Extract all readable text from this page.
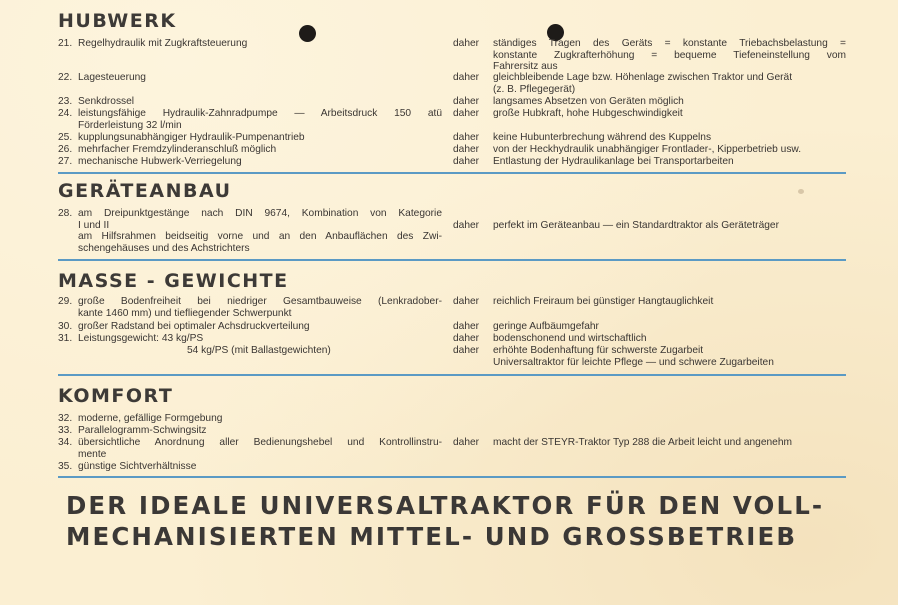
HUBWERK
21. Regelhydraulik mit Zugkraftsteuerung	daher	ständiges Tragen des Geräts = konstante Triebachsbelastung =
konstante Zugkrafterhöhung = bequeme Tiefeneinstellung vom
Fahrersitz aus
22. Lagesteuerung	daher	gleichbleibende Lage bzw. Höhenlage zwischen Traktor und Gerät
(z. B. Pflegegerät)
23. Senkdrossel	daher	langsames Absetzen von Geräten möglich
24. leistungsfähige Hydraulik-Zahnradpumpe — Arbeitsdruck 150 atü
Förderleistung 32 l/min
daher	große Hubkraft, hohe Hubgeschwindigkeit
25. kupplungsunabhängiger Hydraulik-Pumpenantrieb	daher	keine Hubunterbrechung während des Kuppelns
26. mehrfacher Fremdzylinderanschluß möglich	daher	von der Heckhydraulik unabhängiger Frontlader-, Kipperbetrieb usw.
27. mechanische Hubwerk-Verriegelung	daher	Entlastung der Hydraulikanlage bei Transportarbeiten
GERÄTEANBAU
28. am Dreipunktgestänge nach DIN 9674, Kombination von Kategorie
I und II
am Hilfsrahmen beidseitig vorne und an den Anbauflächen des Zwi-
schengehäuses und des Achstrichters
daher	perfekt im Geräteanbau — ein Standardtraktor als Geräteträger
MASSE - GEWICHTE
29. große Bodenfreiheit bei niedriger Gesamtbauweise (Lenkradober-
kante 1460 mm) und tiefliegender Schwerpunkt
daher	reichlich Freiraum bei günstiger Hangtauglichkeit
30. großer Radstand bei optimaler Achsdruckverteilung	daher	geringe Aufbäumgefahr
31. Leistungsgewicht: 43 kg/PS
54 kg/PS (mit Ballastgewichten)
daher	bodenschonend und wirtschaftlich
daher	erhöhte Bodenhaftung für schwerste Zugarbeit
Universaltraktor für leichte Pflege — und schwere Zugarbeiten
KOMFORT
32. moderne, gefällige Formgebung
33. Parallelogramm-Schwingsitz
34. übersichtliche Anordnung aller Bedienungshebel und Kontrollinstru-
mente
daher	macht der STEYR-Traktor Typ 288 die Arbeit leicht und angenehm
35. günstige Sichtverhältnisse
DER IDEALE UNIVERSALTRAKTOR FÜR DEN VOLL-
MECHANISIERTEN MITTEL- UND GROSSBETRIEB
